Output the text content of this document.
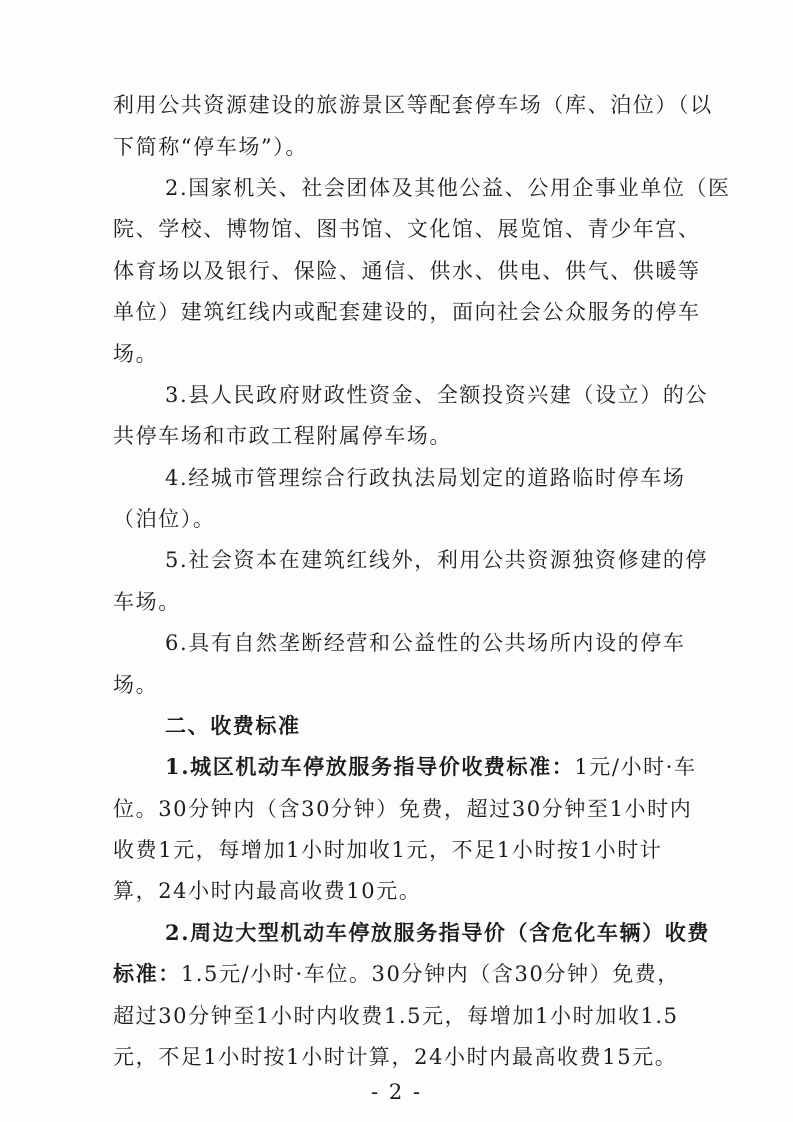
利用公共资源建设的旅游景区等配套停车场（库、泊位）（以
下简称“停车场”）。
2.国家机关、社会团体及其他公益、公用企事业单位（医
院、学校、博物馆、图书馆、文化馆、展览馆、青少年宫、
体育场以及银行、保险、通信、供水、供电、供气、供暖等
单位）建筑红线内或配套建设的，面向社会公众服务的停车
场。
3.县人民政府财政性资金、全额投资兴建（设立）的公
共停车场和市政工程附属停车场。
4.经城市管理综合行政执法局划定的道路临时停车场
（泊位）。
5.社会资本在建筑红线外，利用公共资源独资修建的停
车场。
6.具有自然垄断经营和公益性的公共场所内设的停车
场。
二、收费标准
1.城区机动车停放服务指导价收费标准：1元/小时·车
位。30分钟内（含30分钟）免费，超过30分钟至1小时内
收费1元，每增加1小时加收1元，不足1小时按1小时计
算，24小时内最高收费10元。
2.周边大型机动车停放服务指导价（含危化车辆）收费
标准：1.5元/小时·车位。30分钟内（含30分钟）免费，
超过30分钟至1小时内收费1.5元，每增加1小时加收1.5
元，不足1小时按1小时计算，24小时内最高收费15元。
- 2 -
